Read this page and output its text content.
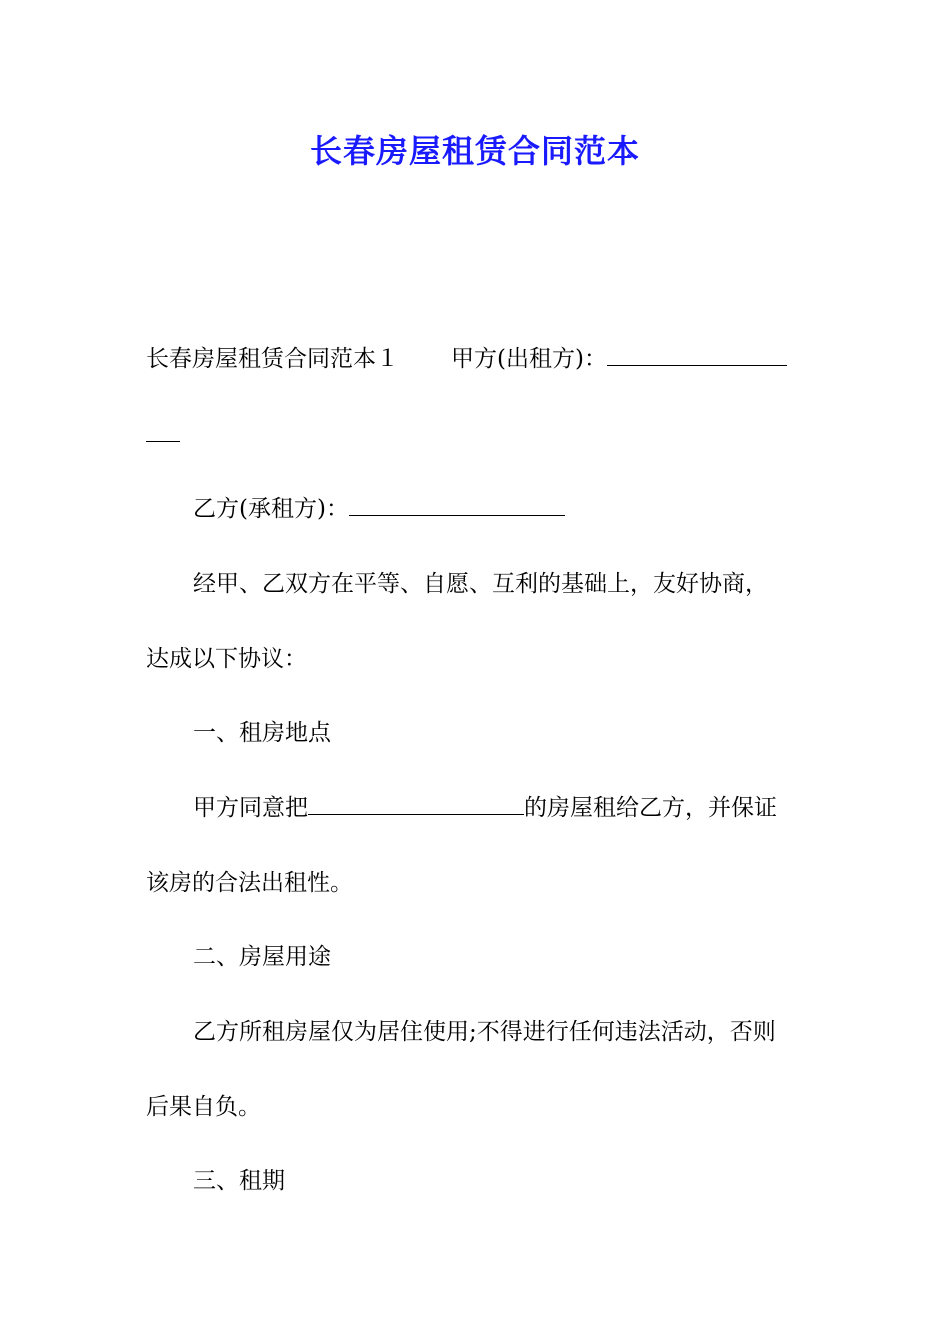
长春房屋租赁合同范本
长春房屋租赁合同范本１ 甲方(出租方)：
乙方(承租方)：
经甲、乙双方在平等、自愿、互利的基础上，友好协商，
达成以下协议：
一、租房地点
甲方同意把	的房屋租给乙方，并保证
该房的合法出租性。
二、房屋用途
乙方所租房屋仅为居住使用;不得进行任何违法活动，否则
后果自负。
三、租期
